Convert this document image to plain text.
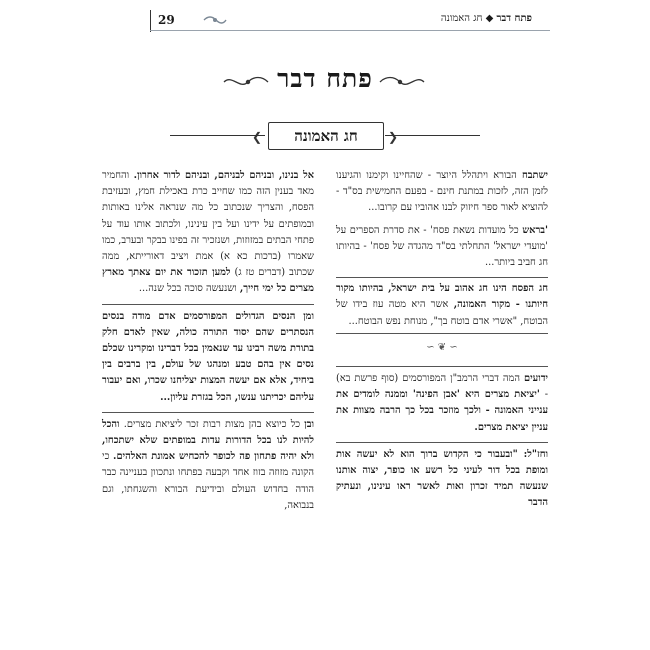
29	פתח דבר ◆ חג האמונה
פתח דבר
❮	❯
חג האמונה

ישתבח הבורא ויתהלל היוצר - שהחיינו וקימנו והגיענו לזמן הזה, לזכות במתנת חינם - בפעם החמישית בס"ד - להוציא לאור ספר חיזוק לבנו אהוביו עם קרובו...

'בראש כל מועדות נשאת פסח' - את סדרת הספרים על 'מועדי ישראל' התחלתי בס"ד מהגדה של פסח' - בהיותו חג חביב ביותר...

חג הפסח הינו חג אהוב על בית ישראל, בהיותו מקור חיותנו - מקור האמונה, אשר היא מטה עוז בידו של הבוטח, "אשרי אדם בוטח בך", מנוחת נפש הבוטח...
∼ ❦ ∼

ידועים המה דברי הרמב"ן המפורסמים (סוף פרשת בא) - 'יציאת מצרים היא 'אבן הפינה' וממנה לומדים את ענייני האמונה - ולכך מוזכר בכל כך הרבה מצוות את עניין יציאת מצרים.

וחז"ל: "ובעבור כי הקדוש ברוך הוא לא יעשה אות ומופת בכל דור לעיני כל רשע או כופר, יצוה אותנו שנעשה תמיד זכרון ואות לאשר ראו עינינו, ונעתיק הדבר

אל בנינו, ובניהם לבניהם, ובניהם לדור אחרון. והחמיר מאד בענין הזה כמו שחייב כרת באכילת חמץ, ובעזיבת הפסח, והצריך שנכתוב כל מה שנראה אלינו באותות ובמופתים על ידינו ועל בין עינינו, ולכתוב אותו עוד על פתחי הבתים במזוזות, ושנזכיר זה בפינו בבקר ובערב, כמו שאמרו (ברכות כא א) אמת ויציב דאורייתא, ממה שכתוב (דברים טז ג) למען תזכור את יום צאתך מארץ מצרים כל ימי חייך, ושנעשה סוכה בכל שנה...

ומן הנסים הגדולים המפורסמים אדם מודה בנסים הנסתרים שהם יסוד התורה כולה, שאין לאדם חלק בתורת משה רבינו עד שנאמין בכל דברינו ומקרינו שכלם נסים אין בהם טבע ומנהגו של עולם, בין ברבים בין ביחיד, אלא אם יעשה המצות יצליחנו שכרו, ואם יעבור עליהם יכריתנו ענשו, הכל בגזרת עליון...

ובן כל כיוצא בהן מצות רבות זכר ליציאת מצרים. והכל להיות לנו בכל הדורות עדות במופתים שלא ישתכחו, ולא יהיה פתחון פה לכופר להכחיש אמונת האלהים. כי הקונה מזוזה בזוז אחד וקבעה בפתחו ונתכוון בעניינה כבר הודה בחדוש העולם ובידיעת הבורא והשגחתו, וגם בנבואה,
